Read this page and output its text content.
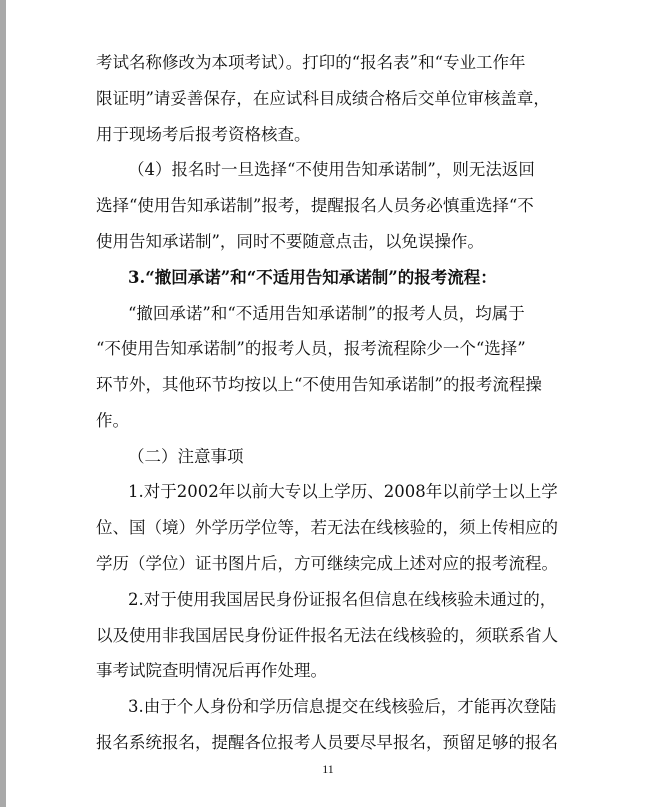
考试名称修改为本项考试）。打印的“报名表”和“专业工作年
限证明”请妥善保存，在应试科目成绩合格后交单位审核盖章，
用于现场考后报考资格核查。
（4）报名时一旦选择“不使用告知承诺制”，则无法返回
选择“使用告知承诺制”报考，提醒报名人员务必慎重选择“不
使用告知承诺制”，同时不要随意点击，以免误操作。
3.“撤回承诺”和“不适用告知承诺制”的报考流程：
“撤回承诺”和“不适用告知承诺制”的报考人员，均属于
“不使用告知承诺制”的报考人员，报考流程除少一个“选择”
环节外，其他环节均按以上“不使用告知承诺制”的报考流程操
作。
（二）注意事项
1.对于2002年以前大专以上学历、2008年以前学士以上学
位、国（境）外学历学位等，若无法在线核验的，须上传相应的
学历（学位）证书图片后，方可继续完成上述对应的报考流程。
2.对于使用我国居民身份证报名但信息在线核验未通过的，
以及使用非我国居民身份证件报名无法在线核验的，须联系省人
事考试院查明情况后再作处理。
11
3.由于个人身份和学历信息提交在线核验后，才能再次登陆
报名系统报名，提醒各位报考人员要尽早报名，预留足够的报名
